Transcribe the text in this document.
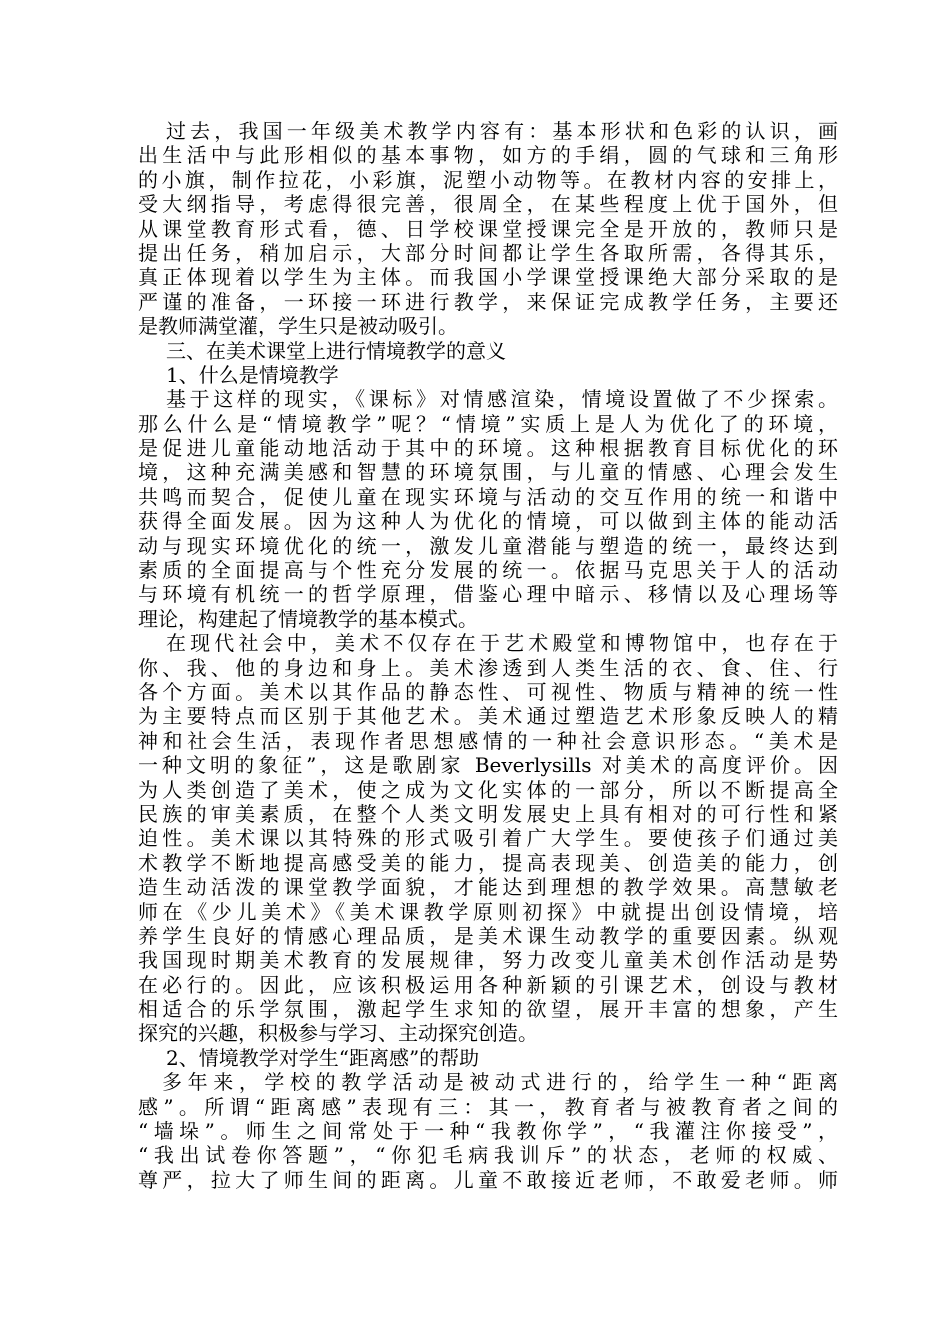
过去，我国一年级美术教学内容有：基本形状和色彩的认识，画
出生活中与此形相似的基本事物，如方的手绢，圆的气球和三角形
的小旗，制作拉花，小彩旗，泥塑小动物等。在教材内容的安排上，
受大纲指导，考虑得很完善，很周全，在某些程度上优于国外，但
从课堂教育形式看，德、日学校课堂授课完全是开放的，教师只是
提出任务，稍加启示，大部分时间都让学生各取所需，各得其乐，
真正体现着以学生为主体。而我国小学课堂授课绝大部分采取的是
严谨的准备，一环接一环进行教学，来保证完成教学任务，主要还
是教师满堂灌，学生只是被动吸引。
三、在美术课堂上进行情境教学的意义
1、什么是情境教学
基于这样的现实，《课标》对情感渲染，情境设置做了不少探索。
那么什么是“情境教学”呢？“情境”实质上是人为优化了的环境，
是促进儿童能动地活动于其中的环境。这种根据教育目标优化的环
境，这种充满美感和智慧的环境氛围，与儿童的情感、心理会发生
共鸣而契合，促使儿童在现实环境与活动的交互作用的统一和谐中
获得全面发展。因为这种人为优化的情境，可以做到主体的能动活
动与现实环境优化的统一，激发儿童潜能与塑造的统一，最终达到
素质的全面提高与个性充分发展的统一。依据马克思关于人的活动
与环境有机统一的哲学原理，借鉴心理中暗示、移情以及心理场等
理论，构建起了情境教学的基本模式。
在现代社会中，美术不仅存在于艺术殿堂和博物馆中，也存在于
你、我、他的身边和身上。美术渗透到人类生活的衣、食、住、行
各个方面。美术以其作品的静态性、可视性、物质与精神的统一性
为主要特点而区别于其他艺术。美术通过塑造艺术形象反映人的精
神和社会生活，表现作者思想感情的一种社会意识形态。“美术是
一种文明的象征”，这是歌剧家 Beverlysills 对美术的高度评价。因
为人类创造了美术，使之成为文化实体的一部分，所以不断提高全
民族的审美素质，在整个人类文明发展史上具有相对的可行性和紧
迫性。美术课以其特殊的形式吸引着广大学生。要使孩子们通过美
术教学不断地提高感受美的能力，提高表现美、创造美的能力，创
造生动活泼的课堂教学面貌，才能达到理想的教学效果。高慧敏老
师在《少儿美术》《美术课教学原则初探》中就提出创设情境，培
养学生良好的情感心理品质，是美术课生动教学的重要因素。纵观
我国现时期美术教育的发展规律，努力改变儿童美术创作活动是势
在必行的。因此，应该积极运用各种新颖的引课艺术，创设与教材
相适合的乐学氛围，激起学生求知的欲望，展开丰富的想象，产生
探究的兴趣，积极参与学习、主动探究创造。
2、情境教学对学生“距离感”的帮助
多年来，学校的教学活动是被动式进行的，给学生一种“距离
感”。所谓“距离感”表现有三：其一，教育者与被教育者之间的
“墙垛”。师生之间常处于一种“我教你学”，“我灌注你接受”，
“我出试卷你答题”，“你犯毛病我训斥”的状态，老师的权威、
尊严，拉大了师生间的距离。儿童不敢接近老师，不敢爱老师。师
